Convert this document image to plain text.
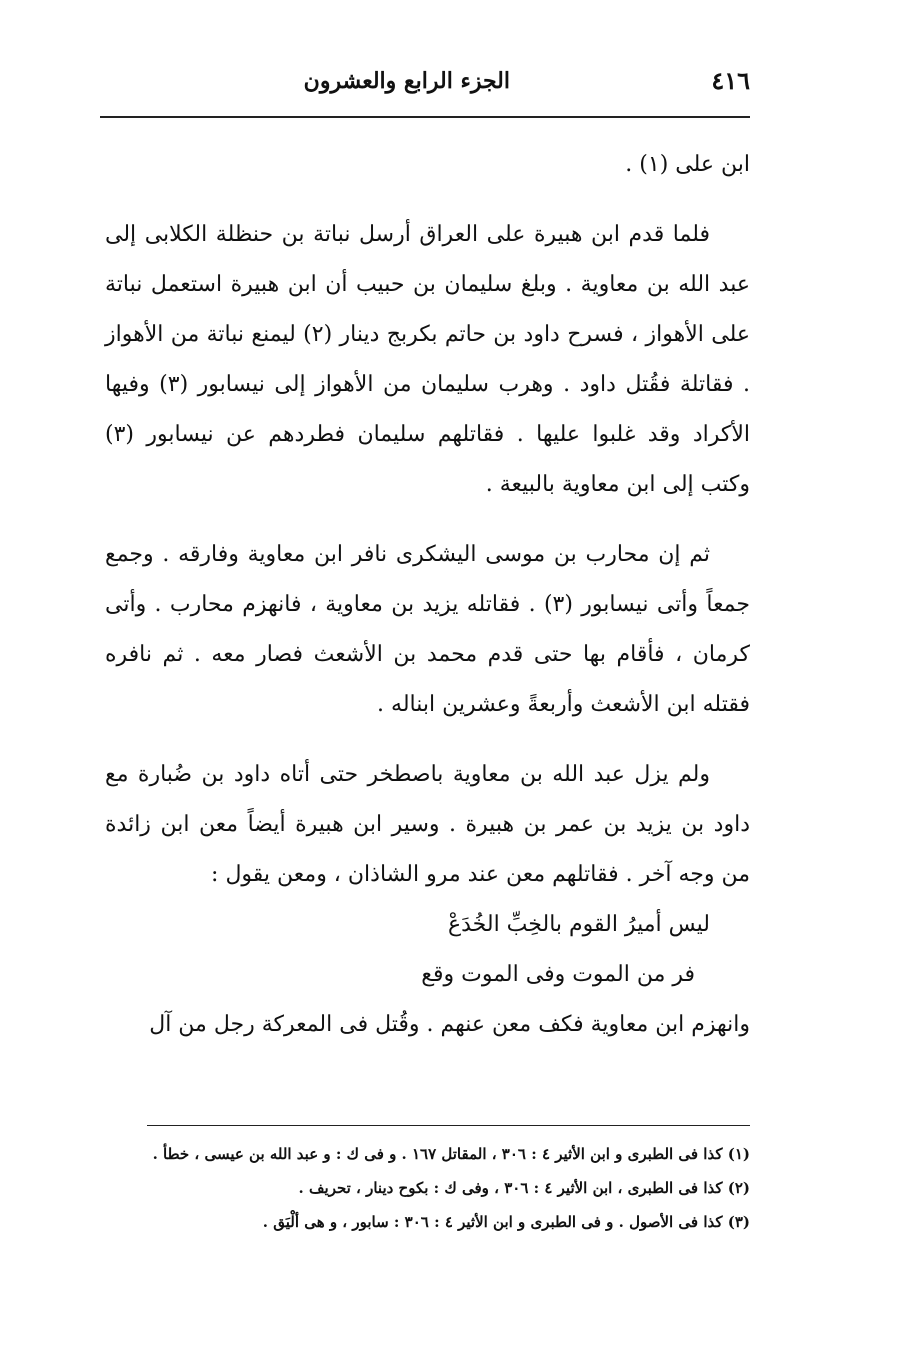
٤١٦
الجزء الرابع والعشرون

ابن على (١) .

فلما قدم ابن هبيرة على العراق أرسل نباتة بن حنظلة الكلابى إلى عبد الله بن معاوية . وبلغ سليمان بن حبيب أن ابن هبيرة استعمل نباتة على الأهواز ، فسرح داود بن حاتم بكربج دينار (٢) ليمنع نباتة من الأهواز . فقاتلة فقُتل داود . وهرب سليمان من الأهواز إلى نيسابور (٣) وفيها الأكراد وقد غلبوا عليها . فقاتلهم سليمان فطردهم عن نيسابور (٣) وكتب إلى ابن معاوية بالبيعة .

ثم إن محارب بن موسى اليشكرى نافر ابن معاوية وفارقه . وجمع جمعاً وأتى نيسابور (٣) . فقاتله يزيد بن معاوية ، فانهزم محارب . وأتى كرمان ، فأقام بها حتى قدم محمد بن الأشعث فصار معه . ثم نافره فقتله ابن الأشعث وأربعةً وعشرين ابناله .

ولم يزل عبد الله بن معاوية باصطخر حتى أتاه داود بن ضُبارة مع داود بن يزيد بن عمر بن هبيرة . وسير ابن هبيرة أيضاً معن ابن زائدة من وجه آخر . فقاتلهم معن عند مرو الشاذان ، ومعن يقول :

ليس أميرُ القوم بالخِبِّ الخُدَعْ

فر من الموت وفى الموت وقع

وانهزم ابن معاوية فكف معن عنهم . وقُتل فى المعركة رجل من آل

(١) كذا فى الطبرى و ابن الأثير ٤ : ٣٠٦ ، المقاتل ١٦٧ . و فى ك : و عبد الله بن عيسى ، خطأ .

(٢) كذا فى الطبرى ، ابن الأثير ٤ : ٣٠٦ ، وفى ك : بكوح دينار ، تحريف .

(٣) كذا فى الأصول . و فى الطبرى و ابن الأثير ٤ : ٣٠٦ : سابور ، و هى ألْيَق .
